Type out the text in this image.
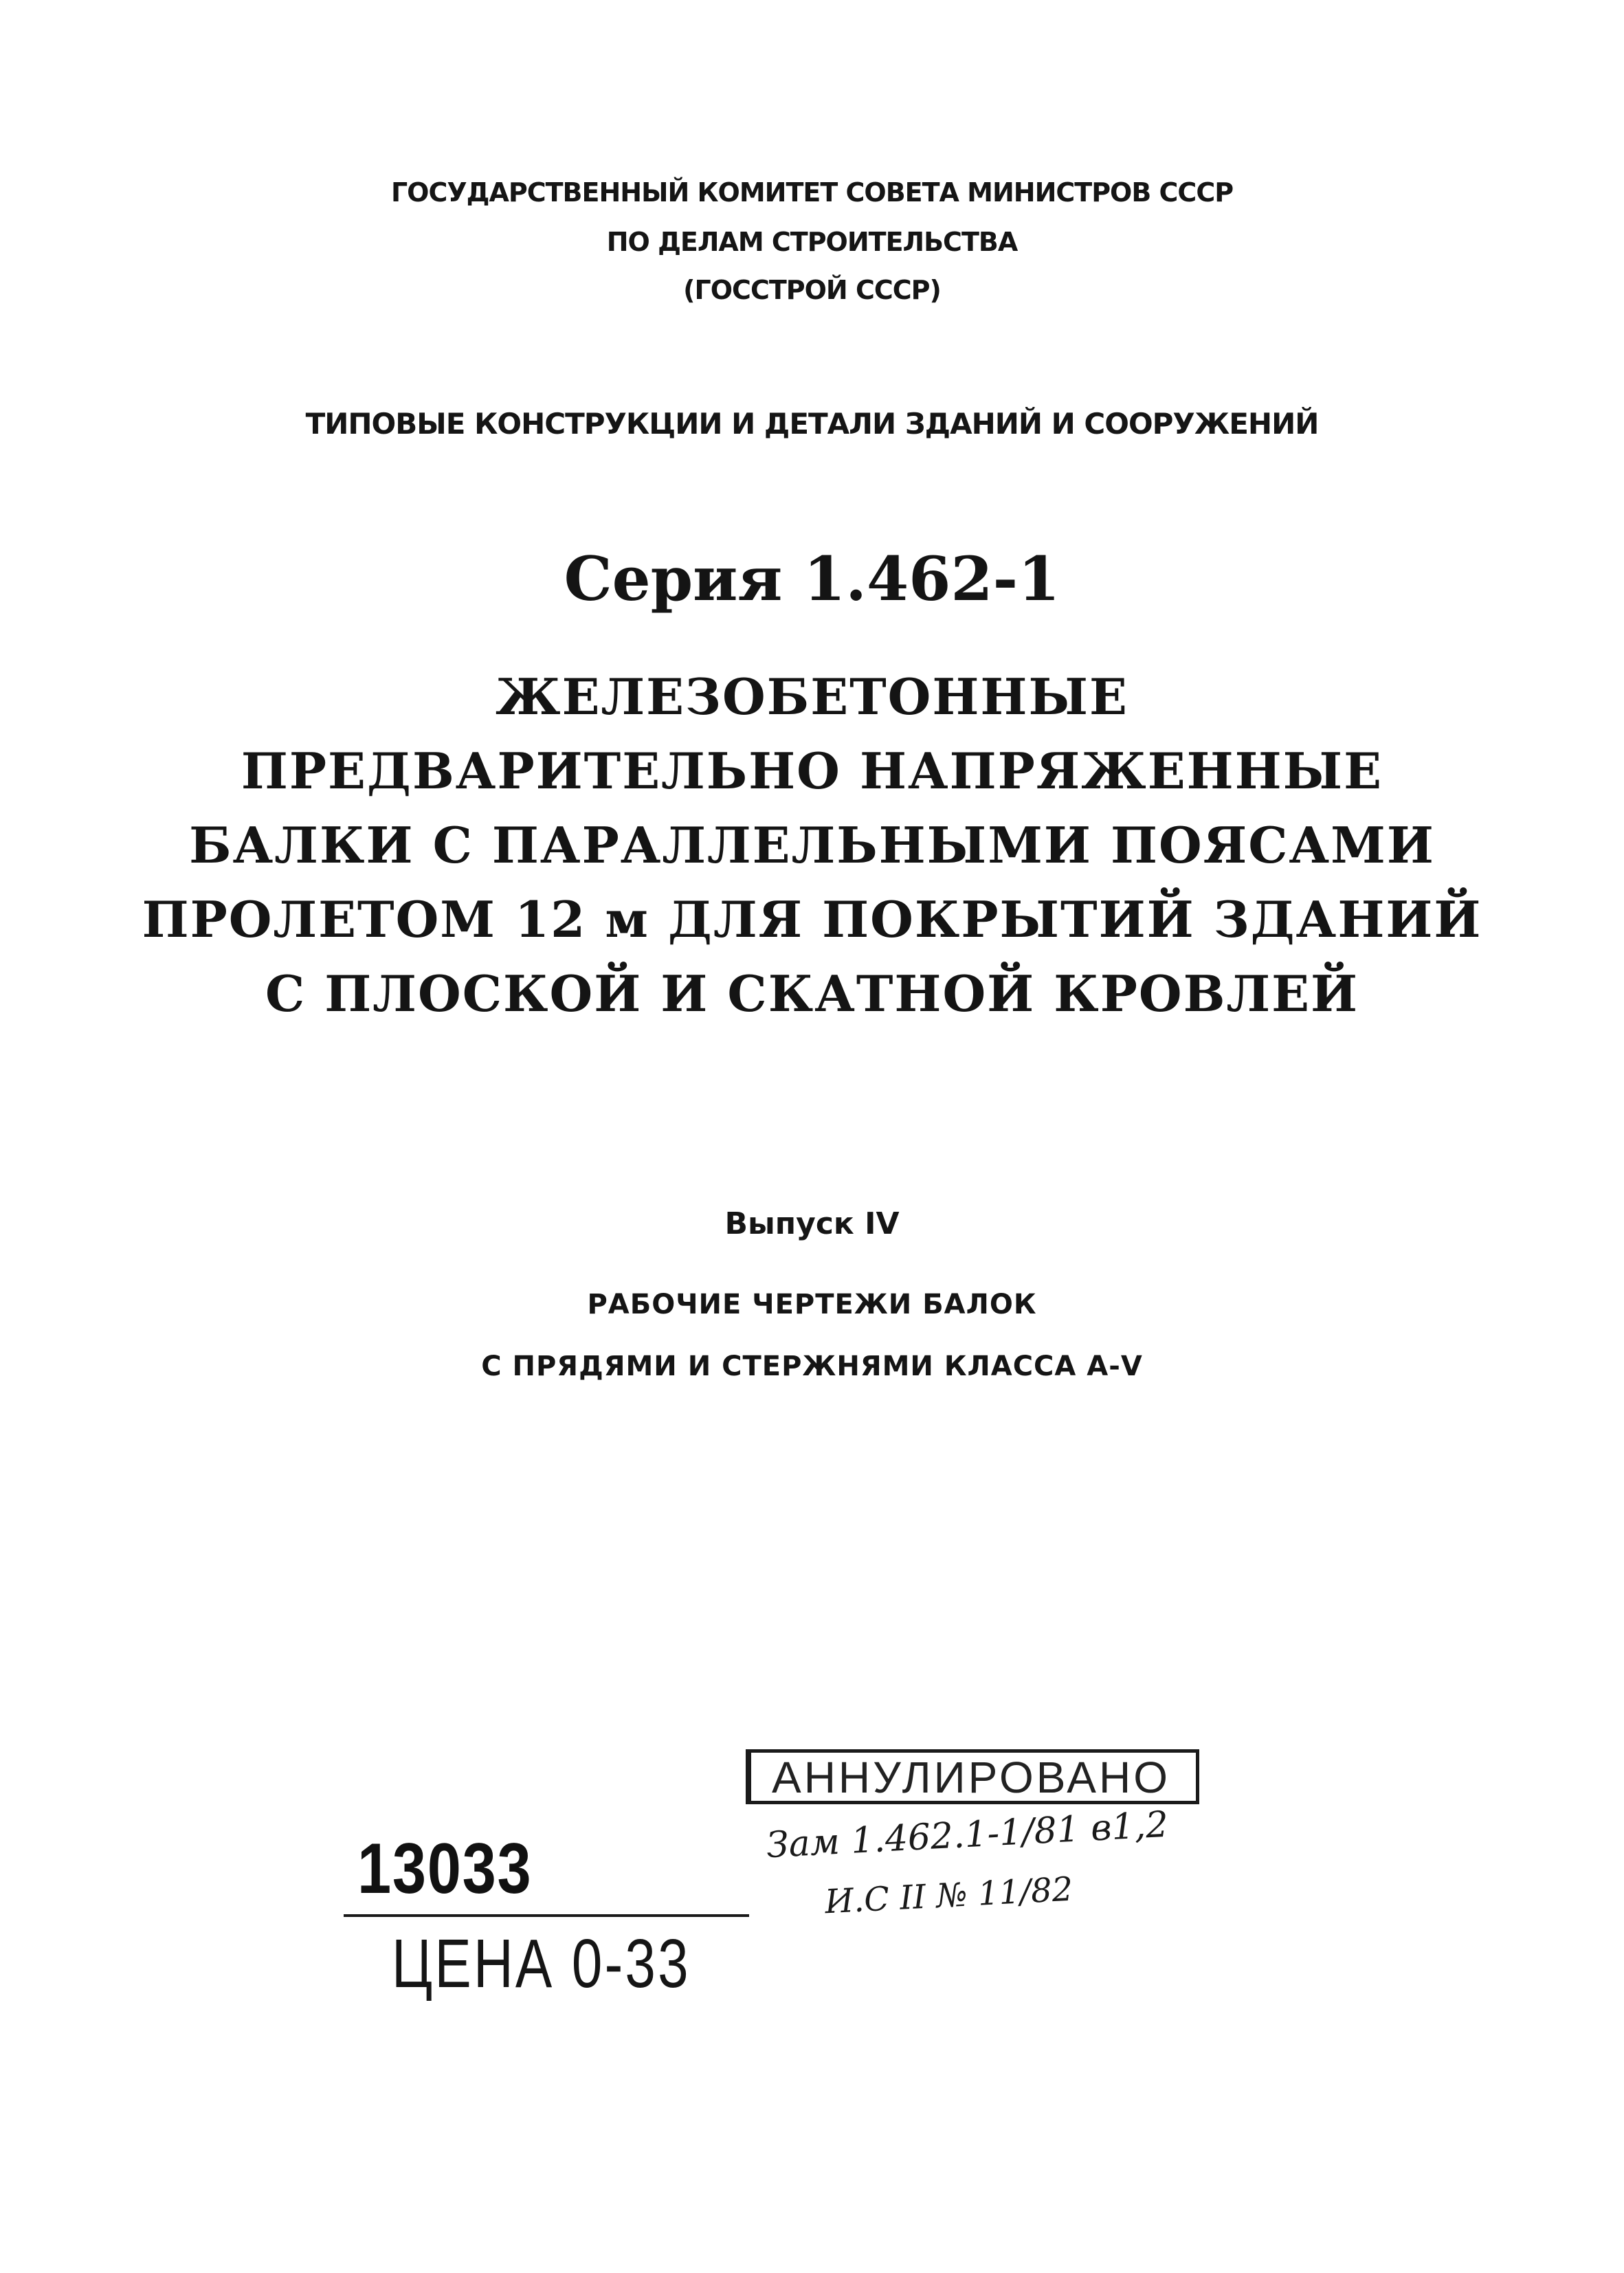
ГОСУДАРСТВЕННЫЙ КОМИТЕТ СОВЕТА МИНИСТРОВ СССР
ПО ДЕЛАМ СТРОИТЕЛЬСТВА
(ГОССТРОЙ СССР)
ТИПОВЫЕ КОНСТРУКЦИИ И ДЕТАЛИ ЗДАНИЙ И СООРУЖЕНИЙ
Серия 1.462-1
ЖЕЛЕЗОБЕТОННЫЕ
ПРЕДВАРИТЕЛЬНО НАПРЯЖЕННЫЕ
БАЛКИ С ПАРАЛЛЕЛЬНЫМИ ПОЯСАМИ
ПРОЛЕТОМ 12 м ДЛЯ ПОКРЫТИЙ ЗДАНИЙ
С ПЛОСКОЙ И СКАТНОЙ КРОВЛЕЙ
Выпуск IV
РАБОЧИЕ ЧЕРТЕЖИ БАЛОК
С ПРЯДЯМИ И СТЕРЖНЯМИ КЛАССА А-V
АННУЛИРОВАНО
Зам 1.462.1-1/81 в1,2
И.С II № 11/82
13033
ЦЕНА 0-33
